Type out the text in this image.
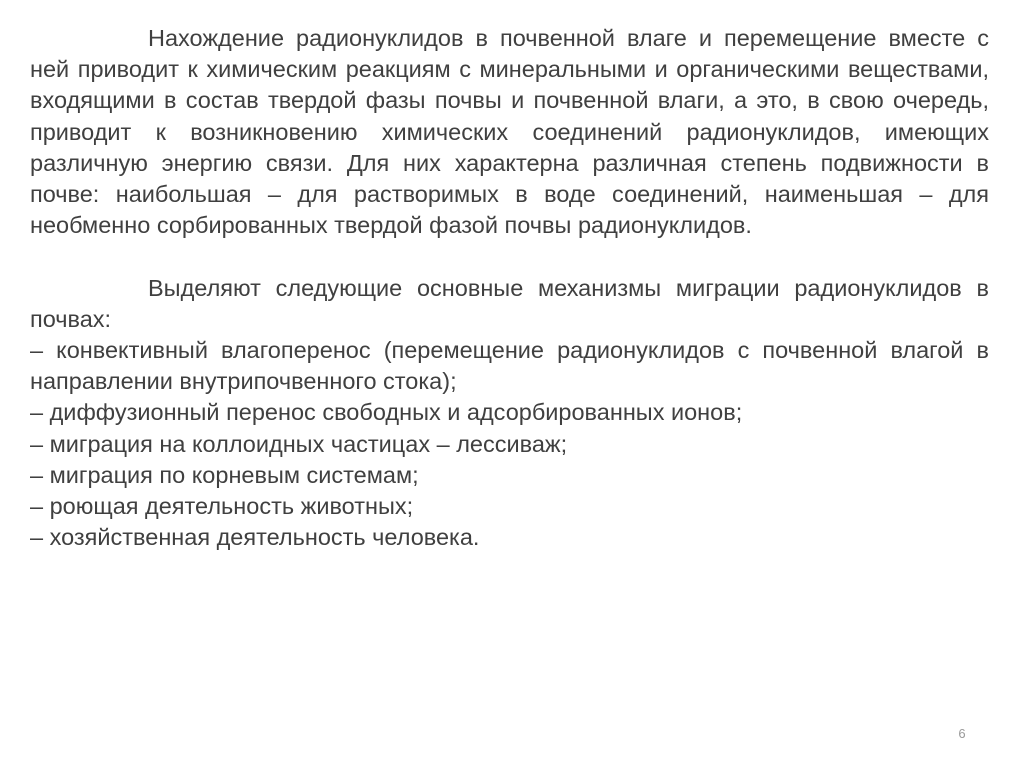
Нахождение радионуклидов в почвенной влаге и перемещение вместе с ней приводит к химическим реакциям с минеральными и органическими веществами, входящими в состав твердой фазы почвы и почвенной влаги, а это, в свою очередь, приводит к возникновению химических соединений радионуклидов, имеющих различную энергию связи. Для них характерна различная степень подвижности в почве: наибольшая – для растворимых в воде соединений, наименьшая – для необменно сорбированных твердой фазой почвы радионуклидов.

Выделяют следующие основные механизмы миграции радионуклидов в почвах:

– конвективный влагоперенос (перемещение радионуклидов с почвенной влагой в направлении внутрипочвенного стока);
– диффузионный перенос свободных и адсорбированных ионов;
– миграция на коллоидных частицах – лессиваж;
– миграция по корневым системам;
– роющая деятельность животных;
– хозяйственная деятельность человека.
6
